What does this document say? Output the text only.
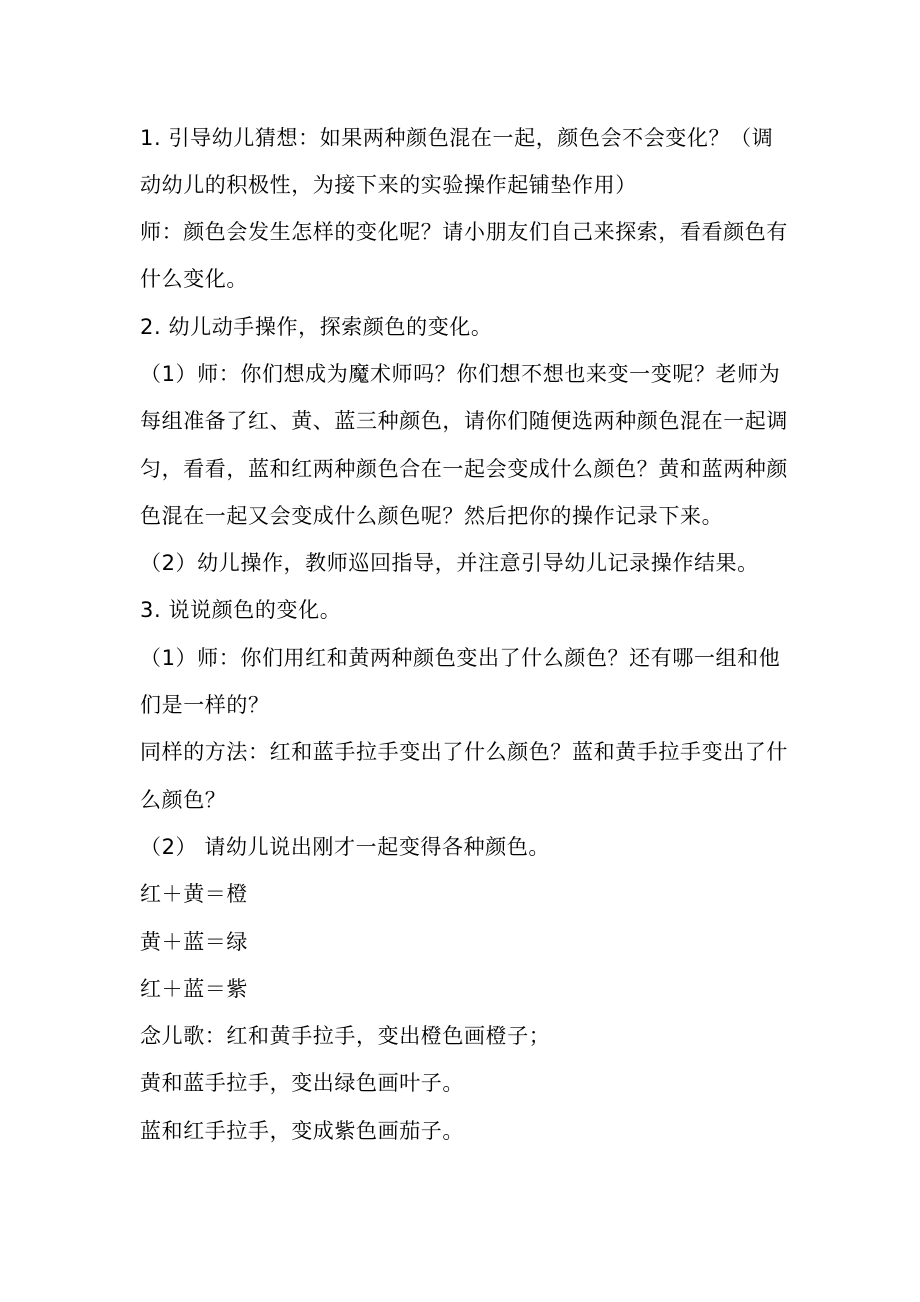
1. 引导幼儿猜想：如果两种颜色混在一起，颜色会不会变化？（调
动幼儿的积极性，为接下来的实验操作起铺垫作用）
师：颜色会发生怎样的变化呢？请小朋友们自己来探索，看看颜色有
什么变化。
2. 幼儿动手操作，探索颜色的变化。
（1）师：你们想成为魔术师吗？你们想不想也来变一变呢？老师为
每组准备了红、黄、蓝三种颜色，请你们随便选两种颜色混在一起调
匀，看看，蓝和红两种颜色合在一起会变成什么颜色？黄和蓝两种颜
色混在一起又会变成什么颜色呢？然后把你的操作记录下来。
（2）幼儿操作，教师巡回指导，并注意引导幼儿记录操作结果。
3. 说说颜色的变化。
（1）师：你们用红和黄两种颜色变出了什么颜色？还有哪一组和他
们是一样的？
同样的方法：红和蓝手拉手变出了什么颜色？蓝和黄手拉手变出了什
么颜色？
（2） 请幼儿说出刚才一起变得各种颜色。
红＋黄＝橙
黄＋蓝＝绿
红＋蓝＝紫
念儿歌：红和黄手拉手，变出橙色画橙子；
黄和蓝手拉手，变出绿色画叶子。
蓝和红手拉手，变成紫色画茄子。
